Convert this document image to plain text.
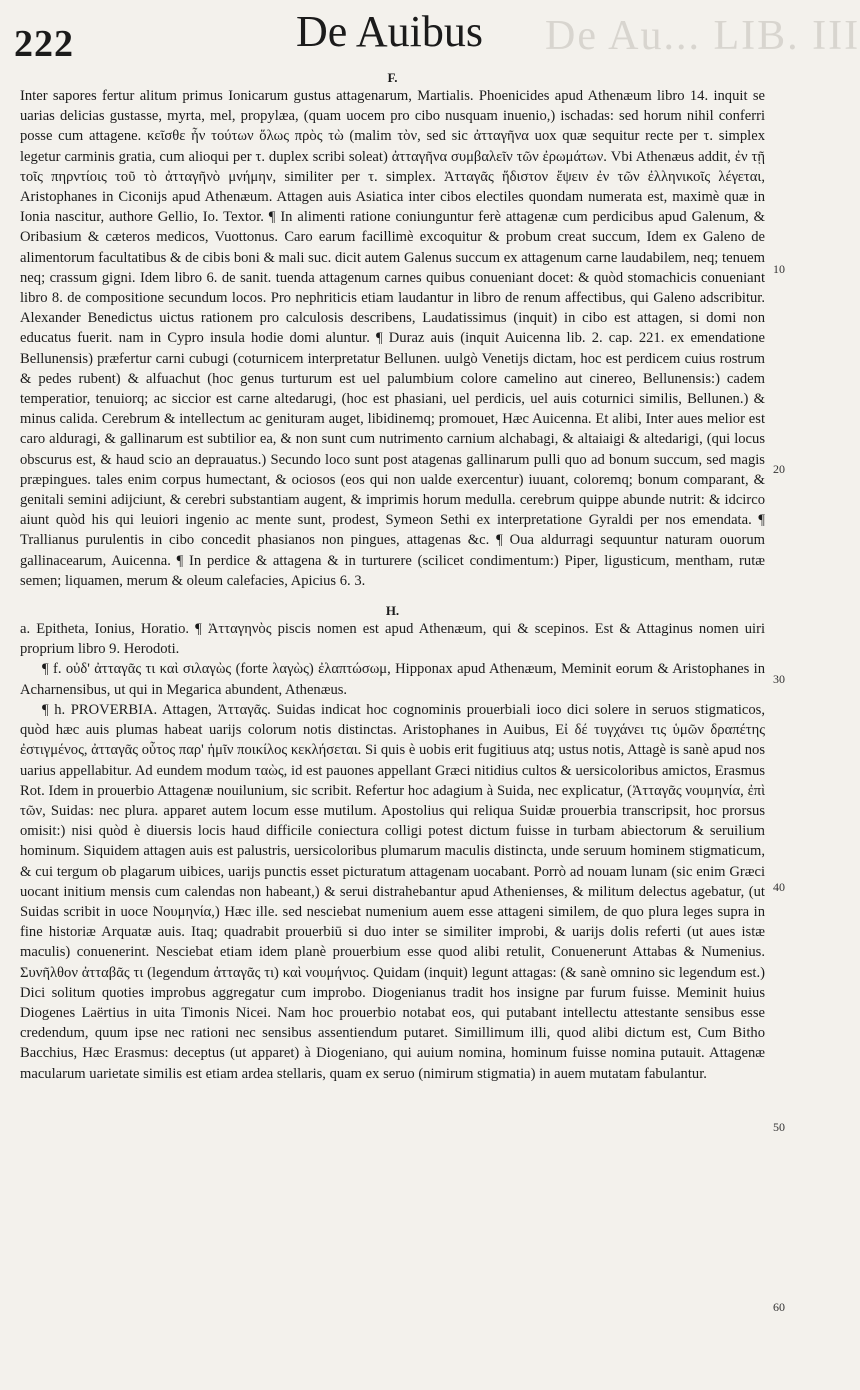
De Au... LIB. III
222	De Auibus
10
20
30
40
50
60
F.

Inter sapores fertur alitum primus Ionicarum gustus attagenarum, Martialis. Phoenicides apud Athenæum libro 14. inquit se uarias delicias gustasse, myrta, mel, propylæa, (quam uocem pro cibo nusquam inuenio,) ischadas: sed horum nihil conferri posse cum attagene. κεῖσθε ἦν τούτων ὅλως πρὸς τὼ (malim τὸν, sed sic ἀτταγῆνα uox quæ sequitur recte per τ. simplex legetur carminis gratia, cum alioqui per τ. duplex scribi soleat) ἀτταγῆνα συμβαλεῖν τῶν ἐρωμάτων. Vbi Athenæus addit, ἐν τῇ τοῖς πηρντίοις τοῦ τὸ ἀτταγῆνὸ μνήμην, similiter per τ. simplex. Ἀτταγᾶς ἥδιστον ἕψειν ἐν τῶν ἐλληνικοῖς λέγεται, Aristophanes in Ciconijs apud Athenæum. Attagen auis Asiatica inter cibos electiles quondam numerata est, maximè quæ in Ionia nascitur, authore Gellio, Io. Textor. ¶ In alimenti ratione coniunguntur ferè attagenæ cum perdicibus apud Galenum, & Oribasium & cæteros medicos, Vuottonus. Caro earum facillimè excoquitur & probum creat succum, Idem ex Galeno de alimentorum facultatibus & de cibis boni & mali suc. dicit autem Galenus succum ex attagenum carne laudabilem, neq; tenuem neq; crassum gigni. Idem libro 6. de sanit. tuenda attagenum carnes quibus conueniant docet: & quòd stomachicis conueniant libro 8. de compositione secundum locos. Pro nephriticis etiam laudantur in libro de renum affectibus, qui Galeno adscribitur. Alexander Benedictus uictus rationem pro calculosis describens, Laudatissimus (inquit) in cibo est attagen, si domi non educatus fuerit. nam in Cypro insula hodie domi aluntur. ¶ Duraz auis (inquit Auicenna lib. 2. cap. 221. ex emendatione Bellunensis) præfertur carni cubugi (coturnicem interpretatur Bellunen. uulgò Venetijs dictam, hoc est perdicem cuius rostrum & pedes rubent) & alfuachut (hoc genus turturum est uel palumbium colore camelino aut cinereo, Bellunensis:) cadem temperatior, tenuiorq; ac siccior est carne altedarugi, (hoc est phasiani, uel perdicis, uel auis coturnici similis, Bellunen.) & minus calida. Cerebrum & intellectum ac genituram auget, libidinemq; promouet, Hæc Auicenna. Et alibi, Inter aues melior est caro alduragi, & gallinarum est subtilior ea, & non sunt cum nutrimento carnium alchabagi, & altaiaigi & altedarigi, (qui locus obscurus est, & haud scio an deprauatus.) Secundo loco sunt post atagenas gallinarum pulli quo ad bonum succum, sed magis præpingues. tales enim corpus humectant, & ociosos (eos qui non ualde exercentur) iuuant, coloremq; bonum comparant, & genitali semini adijciunt, & cerebri substantiam augent, & imprimis horum medulla. cerebrum quippe abunde nutrit: & idcirco aiunt quòd his qui leuiori ingenio ac mente sunt, prodest, Symeon Sethi ex interpretatione Gyraldi per nos emendata. ¶ Trallianus purulentis in cibo concedit phasianos non pingues, attagenas &c. ¶ Oua aldurragi sequuntur naturam ouorum gallinacearum, Auicenna. ¶ In perdice & attagena & in turturere (scilicet condimentum:) Piper, ligusticum, mentham, rutæ semen; liquamen, merum & oleum calefacies, Apicius 6. 3.

H.

a. Epitheta, Ionius, Horatio. ¶ Ἀτταγηνὸς piscis nomen est apud Athenæum, qui & scepinos. Est & Attaginus nomen uiri proprium libro 9. Herodoti.

¶ f. οὐδ' ἀτταγᾶς τι καὶ σιλαγὼς (forte λαγὼς) ἐλαπτώσωμ, Hipponax apud Athenæum, Meminit eorum & Aristophanes in Acharnensibus, ut qui in Megarica abundent, Athenæus.

¶ h. PROVERBIA. Attagen, Ἀτταγᾶς. Suidas indicat hoc cognominis prouerbiali ioco dici solere in seruos stigmaticos, quòd hæc auis plumas habeat uarijs colorum notis distinctas. Aristophanes in Auibus, Εἰ δέ τυγχάνει τις ὑμῶν δραπέτης ἐστιγμένος, ἀτταγᾶς οὗτος παρ' ἡμῖν ποικίλος κεκλήσεται. Si quis è uobis erit fugitiuus atq; ustus notis, Attagè is sanè apud nos uarius appellabitur. Ad eundem modum ταὼς, id est pauones appellant Græci nitidius cultos & uersicoloribus amictos, Erasmus Rot. Idem in prouerbio Attagenæ nouilunium, sic scribit. Refertur hoc adagium à Suida, nec explicatur, (Ἀτταγᾶς νουμηνία, ἐπὶ τῶν, Suidas: nec plura. apparet autem locum esse mutilum. Apostolius qui reliqua Suidæ prouerbia transcripsit, hoc prorsus omisit:) nisi quòd è diuersis locis haud difficile coniectura colligi potest dictum fuisse in turbam abiectorum & seruilium hominum. Siquidem attagen auis est palustris, uersicoloribus plumarum maculis distincta, unde seruum hominem stigmaticum, & cui tergum ob plagarum uibices, uarijs punctis esset picturatum attagenam uocabant. Porrò ad nouam lunam (sic enim Græci uocant initium mensis cum calendas non habeant,) & serui distrahebantur apud Athenienses, & militum delectus agebatur, (ut Suidas scribit in uoce Νουμηνία,) Hæc ille. sed nesciebat numenium auem esse attageni similem, de quo plura leges supra in fine historiæ Arquatæ auis. Itaq; quadrabit prouerbiū si duo inter se similiter improbi, & uarijs dolis referti (ut aues istæ maculis) conuenerint. Nesciebat etiam idem planè prouerbium esse quod alibi retulit, Conuenerunt Attabas & Numenius. Συνῆλθον ἀτταβᾶς τι (legendum ἀτταγᾶς τι) καὶ νουμήνιος. Quidam (inquit) legunt attagas: (& sanè omnino sic legendum est.) Dici solitum quoties improbus aggregatur cum improbo. Diogenianus tradit hos insigne par furum fuisse. Meminit huius Diogenes Laërtius in uita Timonis Nicei. Nam hoc prouerbio notabat eos, qui putabant intellectu attestante sensibus esse credendum, quum ipse nec rationi nec sensibus assentiendum putaret. Simillimum illi, quod alibi dictum est, Cum Bitho Bacchius, Hæc Erasmus: deceptus (ut apparet) à Diogeniano, qui auium nomina, hominum fuisse nomina putauit. Attagenæ macularum uarietate similis est etiam ardea stellaris, quam ex seruo (nimirum stigmatia) in auem mutatam fabulantur.
